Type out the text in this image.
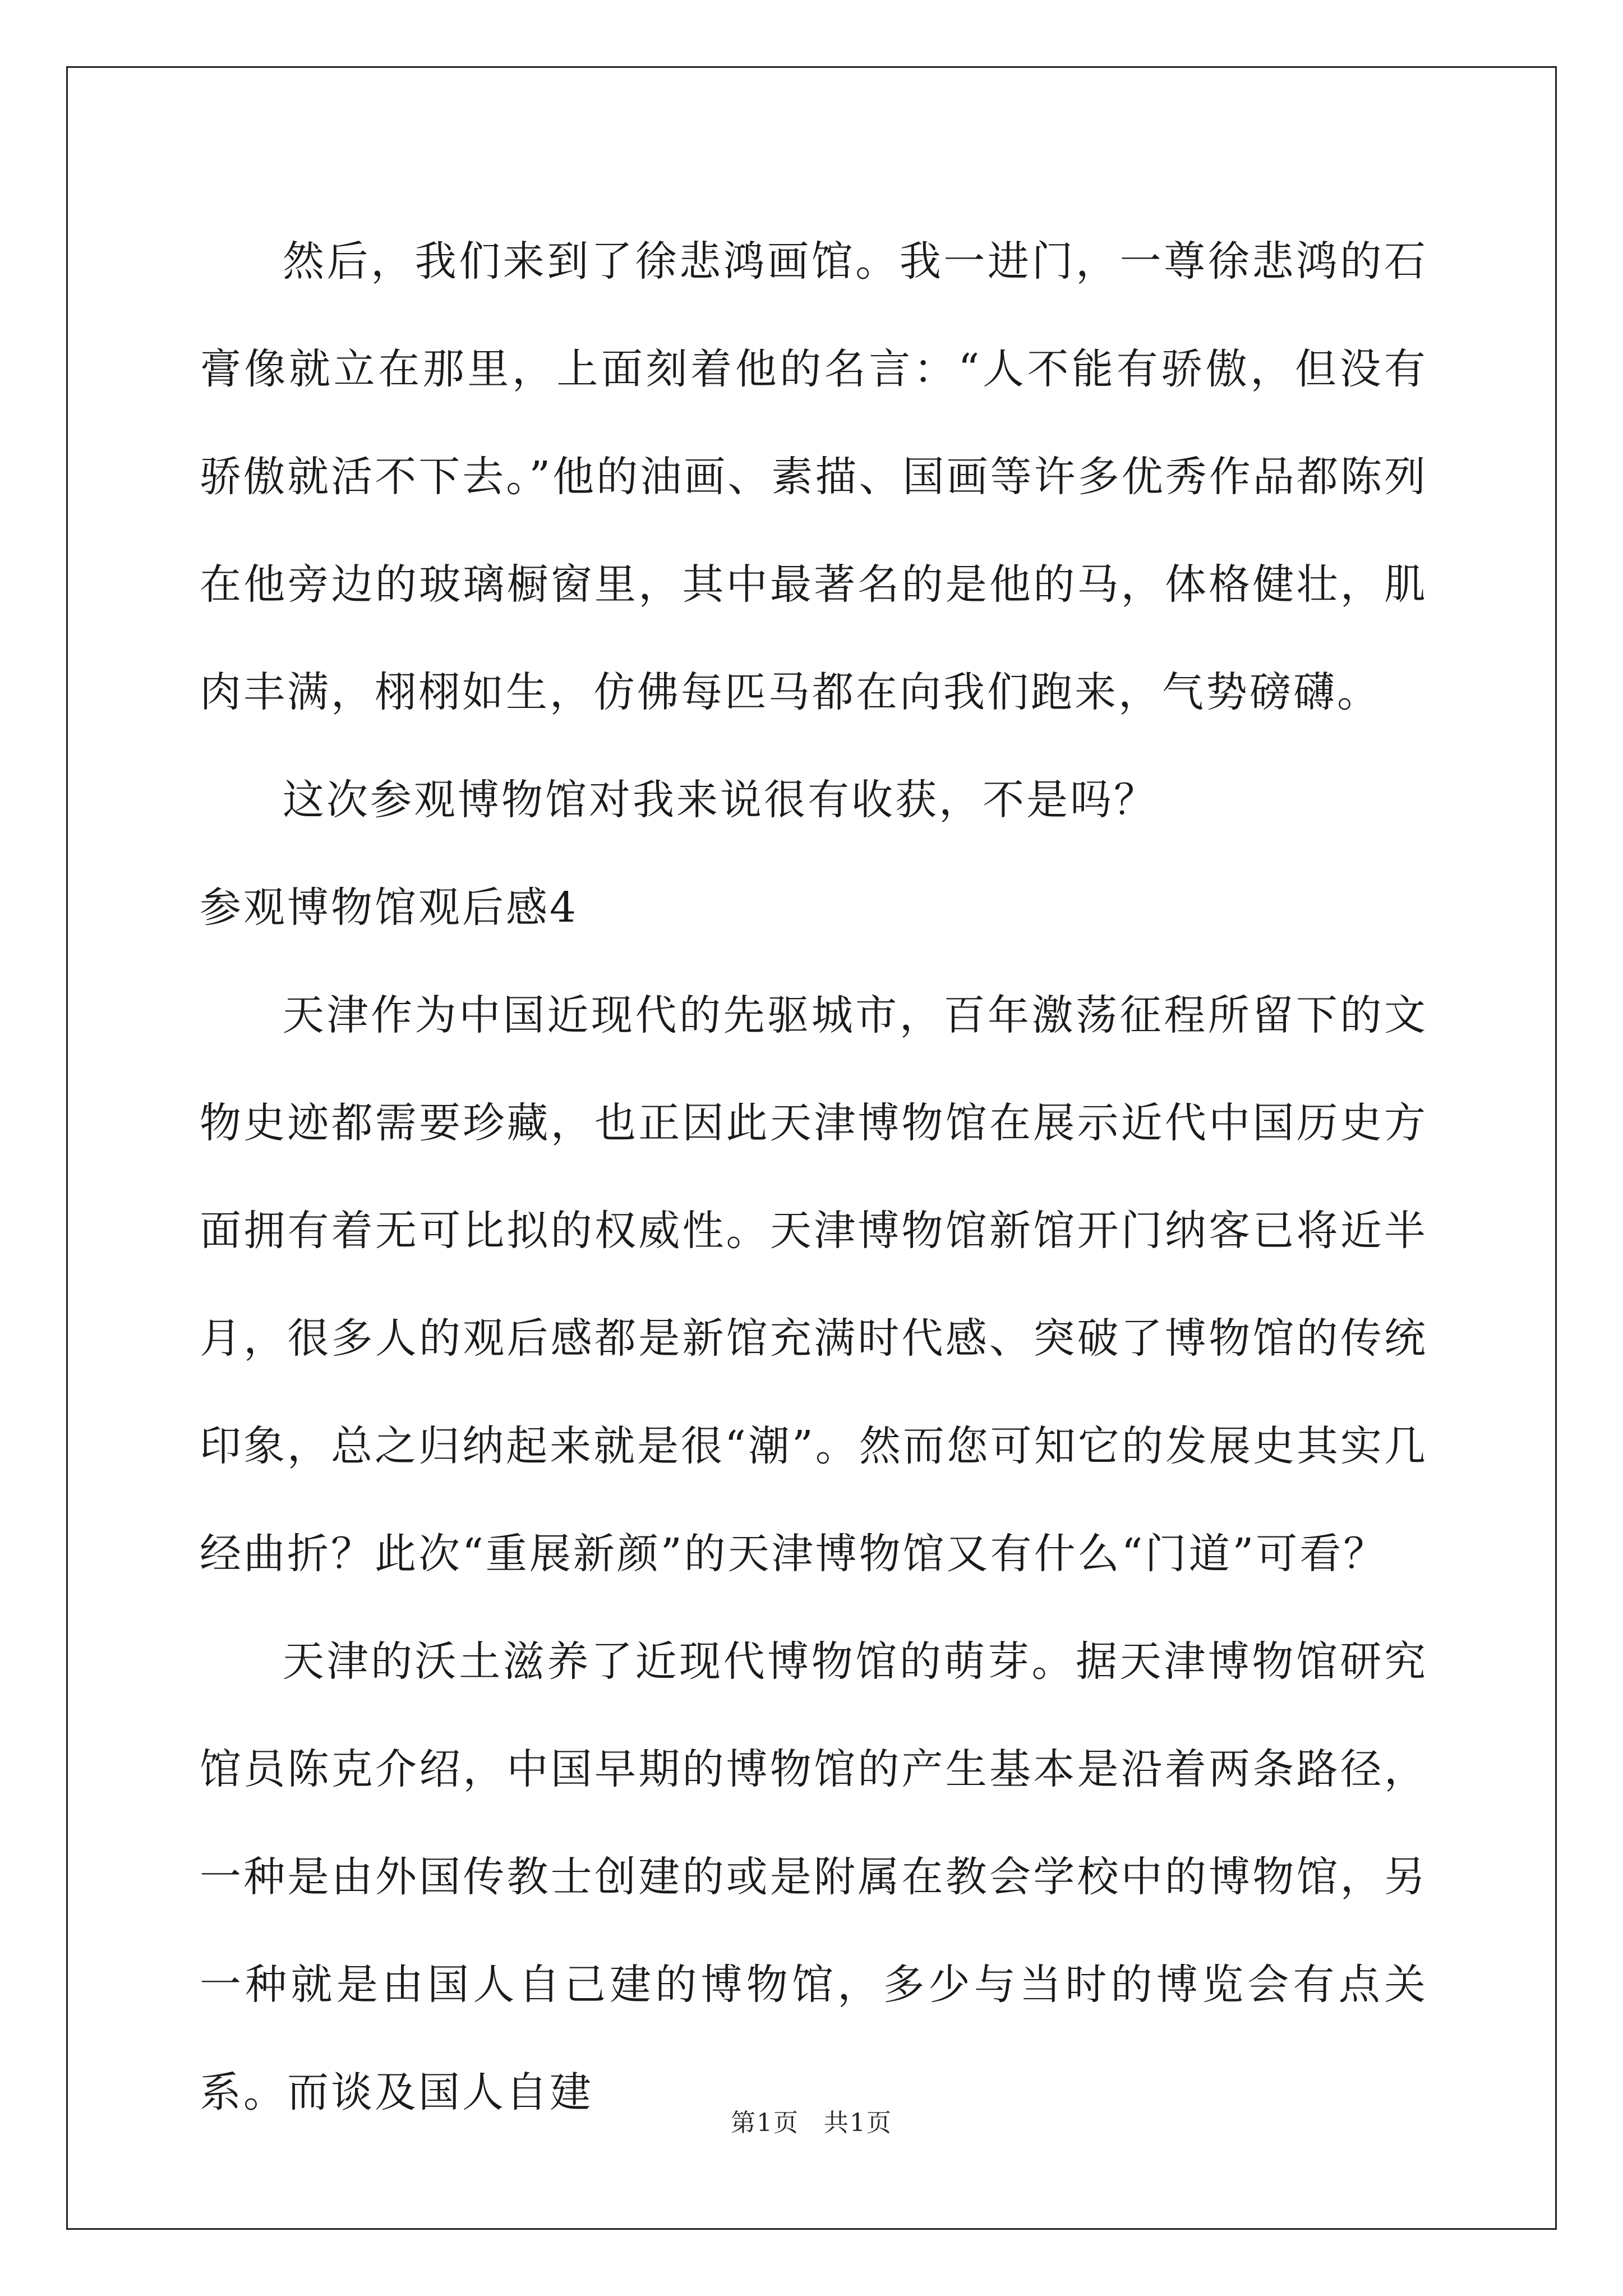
然后，我们来到了徐悲鸿画馆。我一进门，一尊徐悲鸿的石膏像就立在那里，上面刻着他的名言：“人不能有骄傲，但没有骄傲就活不下去。”他的油画、素描、国画等许多优秀作品都陈列在他旁边的玻璃橱窗里，其中最著名的是他的马，体格健壮，肌肉丰满，栩栩如生，仿佛每匹马都在向我们跑来，气势磅礴。

这次参观博物馆对我来说很有收获，不是吗？

参观博物馆观后感4

天津作为中国近现代的先驱城市，百年激荡征程所留下的文物史迹都需要珍藏，也正因此天津博物馆在展示近代中国历史方面拥有着无可比拟的权威性。天津博物馆新馆开门纳客已将近半月，很多人的观后感都是新馆充满时代感、突破了博物馆的传统印象，总之归纳起来就是很“潮”。然而您可知它的发展史其实几经曲折？此次“重展新颜”的天津博物馆又有什么“门道”可看？

天津的沃土滋养了近现代博物馆的萌芽。据天津博物馆研究馆员陈克介绍，中国早期的博物馆的产生基本是沿着两条路径，一种是由外国传教士创建的或是附属在教会学校中的博物馆，另一种就是由国人自己建的博物馆，多少与当时的博览会有点关系。而谈及国人自建

第1页 共1页
